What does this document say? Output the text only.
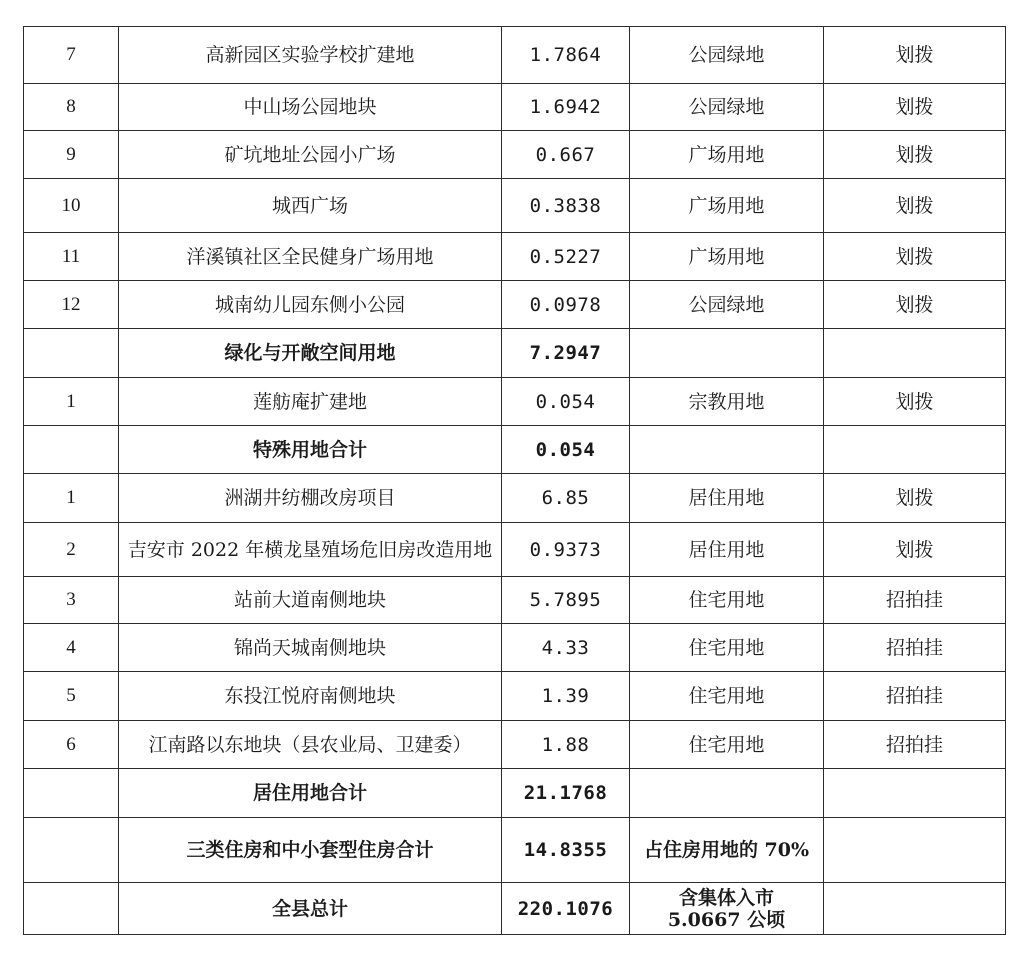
7	高新园区实验学校扩建地	1.7864	公园绿地	划拨
8	中山场公园地块	1.6942	公园绿地	划拨
9	矿坑地址公园小广场	0.667	广场用地	划拨
10	城西广场	0.3838	广场用地	划拨
11	洋溪镇社区全民健身广场用地	0.5227	广场用地	划拨
12	城南幼儿园东侧小公园	0.0978	公园绿地	划拨
	绿化与开敞空间用地	7.2947		
1	莲舫庵扩建地	0.054	宗教用地	划拨
	特殊用地合计	0.054		
1	洲湖井纺棚改房项目	6.85	居住用地	划拨
2	吉安市 2022 年横龙垦殖场危旧房改造用地	0.9373	居住用地	划拨
3	站前大道南侧地块	5.7895	住宅用地	招拍挂
4	锦尚天城南侧地块	4.33	住宅用地	招拍挂
5	东投江悦府南侧地块	1.39	住宅用地	招拍挂
6	江南路以东地块（县农业局、卫建委）	1.88	住宅用地	招拍挂
	居住用地合计	21.1768		
	三类住房和中小套型住房合计	14.8355	占住房用地的 70%	
	全县总计	220.1076	含集体入市 5.0667 公顷	
